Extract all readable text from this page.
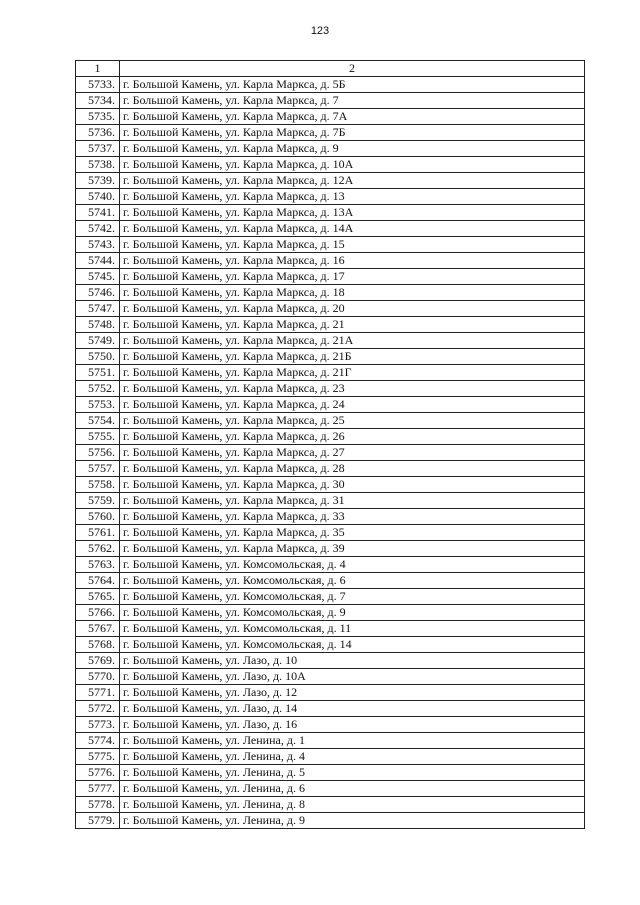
123
1	2
5733.	г. Большой Камень, ул. Карла Маркса, д. 5Б
5734.	г. Большой Камень, ул. Карла Маркса, д. 7
5735.	г. Большой Камень, ул. Карла Маркса, д. 7А
5736.	г. Большой Камень, ул. Карла Маркса, д. 7Б
5737.	г. Большой Камень, ул. Карла Маркса, д. 9
5738.	г. Большой Камень, ул. Карла Маркса, д. 10А
5739.	г. Большой Камень, ул. Карла Маркса, д. 12А
5740.	г. Большой Камень, ул. Карла Маркса, д. 13
5741.	г. Большой Камень, ул. Карла Маркса, д. 13А
5742.	г. Большой Камень, ул. Карла Маркса, д. 14А
5743.	г. Большой Камень, ул. Карла Маркса, д. 15
5744.	г. Большой Камень, ул. Карла Маркса, д. 16
5745.	г. Большой Камень, ул. Карла Маркса, д. 17
5746.	г. Большой Камень, ул. Карла Маркса, д. 18
5747.	г. Большой Камень, ул. Карла Маркса, д. 20
5748.	г. Большой Камень, ул. Карла Маркса, д. 21
5749.	г. Большой Камень, ул. Карла Маркса, д. 21А
5750.	г. Большой Камень, ул. Карла Маркса, д. 21Б
5751.	г. Большой Камень, ул. Карла Маркса, д. 21Г
5752.	г. Большой Камень, ул. Карла Маркса, д. 23
5753.	г. Большой Камень, ул. Карла Маркса, д. 24
5754.	г. Большой Камень, ул. Карла Маркса, д. 25
5755.	г. Большой Камень, ул. Карла Маркса, д. 26
5756.	г. Большой Камень, ул. Карла Маркса, д. 27
5757.	г. Большой Камень, ул. Карла Маркса, д. 28
5758.	г. Большой Камень, ул. Карла Маркса, д. 30
5759.	г. Большой Камень, ул. Карла Маркса, д. 31
5760.	г. Большой Камень, ул. Карла Маркса, д. 33
5761.	г. Большой Камень, ул. Карла Маркса, д. 35
5762.	г. Большой Камень, ул. Карла Маркса, д. 39
5763.	г. Большой Камень, ул. Комсомольская, д. 4
5764.	г. Большой Камень, ул. Комсомольская, д. 6
5765.	г. Большой Камень, ул. Комсомольская, д. 7
5766.	г. Большой Камень, ул. Комсомольская, д. 9
5767.	г. Большой Камень, ул. Комсомольская, д. 11
5768.	г. Большой Камень, ул. Комсомольская, д. 14
5769.	г. Большой Камень, ул. Лазо, д. 10
5770.	г. Большой Камень, ул. Лазо, д. 10А
5771.	г. Большой Камень, ул. Лазо, д. 12
5772.	г. Большой Камень, ул. Лазо, д. 14
5773.	г. Большой Камень, ул. Лазо, д. 16
5774.	г. Большой Камень, ул. Ленина, д. 1
5775.	г. Большой Камень, ул. Ленина, д. 4
5776.	г. Большой Камень, ул. Ленина, д. 5
5777.	г. Большой Камень, ул. Ленина, д. 6
5778.	г. Большой Камень, ул. Ленина, д. 8
5779.	г. Большой Камень, ул. Ленина, д. 9
